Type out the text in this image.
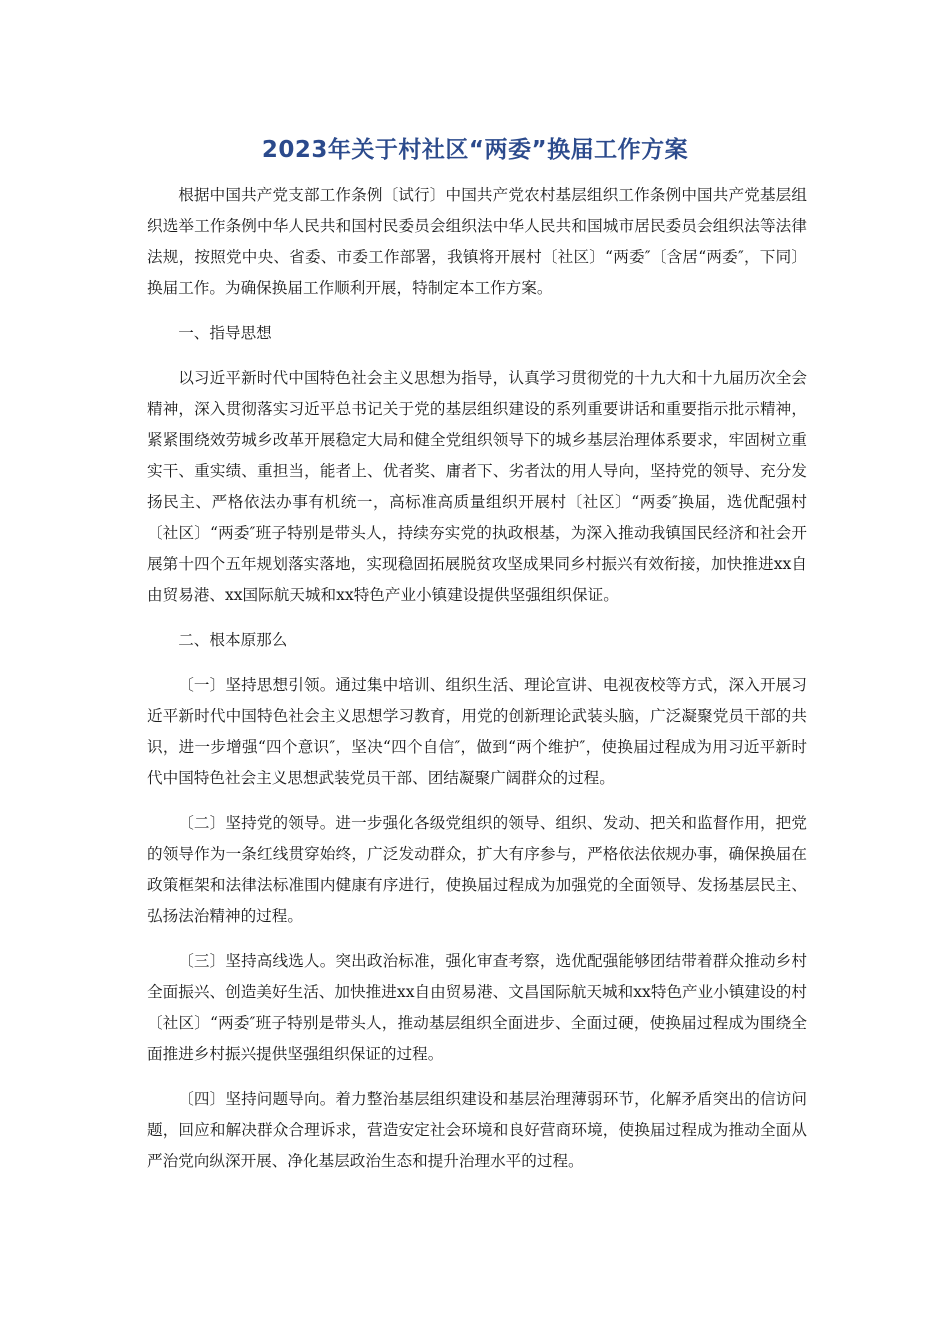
2023年关于村社区“两委”换届工作方案

根据中国共产党支部工作条例〔试行〕中国共产党农村基层组织工作条例中国共产党基层组织选举工作条例中华人民共和国村民委员会组织法中华人民共和国城市居民委员会组织法等法律法规，按照党中央、省委、市委工作部署，我镇将开展村〔社区〕“两委″〔含居“两委″，下同〕换届工作。为确保换届工作顺利开展，特制定本工作方案。

一、指导思想

以习近平新时代中国特色社会主义思想为指导，认真学习贯彻党的十九大和十九届历次全会精神，深入贯彻落实习近平总书记关于党的基层组织建设的系列重要讲话和重要指示批示精神，紧紧围绕效劳城乡改革开展稳定大局和健全党组织领导下的城乡基层治理体系要求，牢固树立重实干、重实绩、重担当，能者上、优者奖、庸者下、劣者汰的用人导向，坚持党的领导、充分发扬民主、严格依法办事有机统一，高标准高质量组织开展村〔社区〕“两委″换届，选优配强村〔社区〕“两委″班子特别是带头人，持续夯实党的执政根基，为深入推动我镇国民经济和社会开展第十四个五年规划落实落地，实现稳固拓展脱贫攻坚成果同乡村振兴有效衔接，加快推进xx自由贸易港、xx国际航天城和xx特色产业小镇建设提供坚强组织保证。

二、根本原那么

〔一〕坚持思想引领。通过集中培训、组织生活、理论宣讲、电视夜校等方式，深入开展习近平新时代中国特色社会主义思想学习教育，用党的创新理论武装头脑，广泛凝聚党员干部的共识，进一步增强“四个意识″，坚决“四个自信″，做到“两个维护″，使换届过程成为用习近平新时代中国特色社会主义思想武装党员干部、团结凝聚广阔群众的过程。

〔二〕坚持党的领导。进一步强化各级党组织的领导、组织、发动、把关和监督作用，把党的领导作为一条红线贯穿始终，广泛发动群众，扩大有序参与，严格依法依规办事，确保换届在政策框架和法律法标准围内健康有序进行，使换届过程成为加强党的全面领导、发扬基层民主、弘扬法治精神的过程。

〔三〕坚持高线选人。突出政治标准，强化审查考察，选优配强能够团结带着群众推动乡村全面振兴、创造美好生活、加快推进xx自由贸易港、文昌国际航天城和xx特色产业小镇建设的村〔社区〕“两委″班子特别是带头人，推动基层组织全面进步、全面过硬，使换届过程成为围绕全面推进乡村振兴提供坚强组织保证的过程。

〔四〕坚持问题导向。着力整治基层组织建设和基层治理薄弱环节，化解矛盾突出的信访问题，回应和解决群众合理诉求，营造安定社会环境和良好营商环境，使换届过程成为推动全面从严治党向纵深开展、净化基层政治生态和提升治理水平的过程。
